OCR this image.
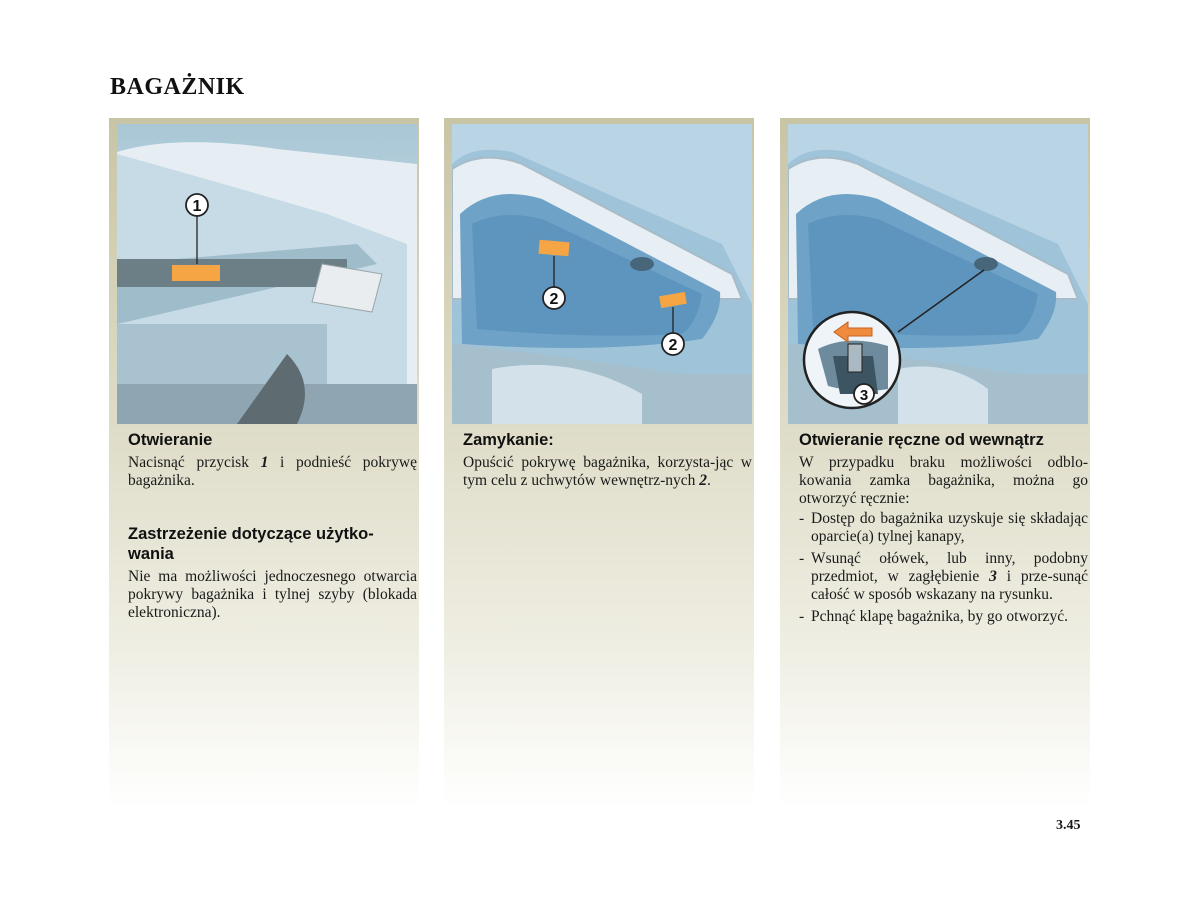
BAGAŻNIK
1

Otwieranie

Nacisnąć przycisk 1 i podnieść pokrywę bagażnika.

Zastrzeżenie dotyczące użytko-wania

Nie ma możliwości jednoczesnego otwarcia pokrywy bagażnika i tylnej szyby (blokada elektroniczna).

2
2

Zamykanie:

Opuścić pokrywę bagażnika, korzysta-jąc w tym celu z uchwytów wewnętrz-nych 2.

3

Otwieranie ręczne od wewnątrz

W przypadku braku możliwości odblo-kowania zamka bagażnika, można go otworzyć ręcznie:

- Dostęp do bagażnika uzyskuje się składając oparcie(a) tylnej kanapy,
- Wsunąć ołówek, lub inny, podobny przedmiot, w zagłębienie 3 i prze-sunąć całość w sposób wskazany na rysunku.
- Pchnąć klapę bagażnika, by go otworzyć.
3.45
